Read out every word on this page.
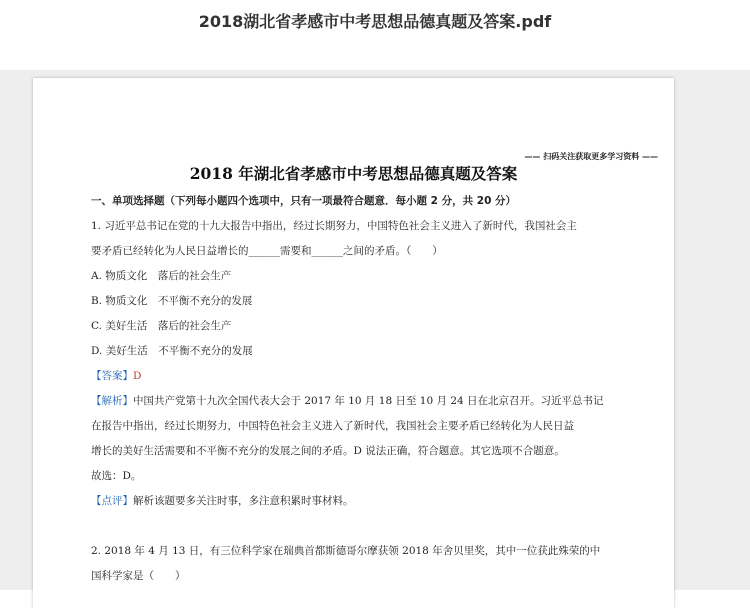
2018湖北省孝感市中考思想品德真题及答案.pdf
—— 扫码关注获取更多学习资料 ——
2018 年湖北省孝感市中考思想品德真题及答案
一、单项选择题（下列每小题四个选项中，只有一项最符合题意．每小题 2 分，共 20 分）
1. 习近平总书记在党的十九大报告中指出，经过长期努力，中国特色社会主义进入了新时代，我国社会主
要矛盾已经转化为人民日益增长的______需要和______之间的矛盾。（　　）
A. 物质文化　落后的社会生产
B. 物质文化　不平衡不充分的发展
C. 美好生活　落后的社会生产
D. 美好生活　不平衡不充分的发展
【答案】D
【解析】中国共产党第十九次全国代表大会于 2017 年 10 月 18 日至 10 月 24 日在北京召开。习近平总书记
在报告中指出，经过长期努力，中国特色社会主义进入了新时代，我国社会主要矛盾已经转化为人民日益
增长的美好生活需要和不平衡不充分的发展之间的矛盾。D 说法正确，符合题意。其它选项不合题意。
故选：D。
【点评】解析该题要多关注时事，多注意积累时事材料。
2. 2018 年 4 月 13 日，有三位科学家在瑞典首都斯德哥尔摩获领 2018 年舍贝里奖，其中一位获此殊荣的中
国科学家是（　　）
